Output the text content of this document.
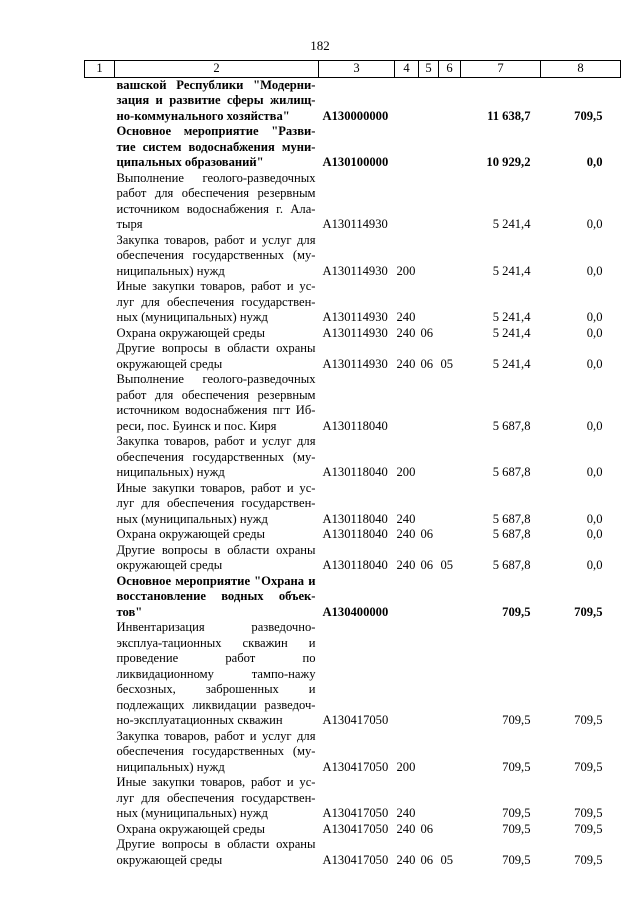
182
1	2	3	4	5	6	7	8
	вашской Республики "Модерни-зация и развитие сферы жилищ-но-коммунального хозяйства"	A130000000				11 638,7	709,5
	Основное мероприятие "Разви-тие систем водоснабжения муни-ципальных образований"	A130100000				10 929,2	0,0
	Выполнение геолого-разведочных работ для обеспечения резервным источником водоснабжения г. Ала-тыря	A130114930				5 241,4	0,0
	Закупка товаров, работ и услуг для обеспечения государственных (му-ниципальных) нужд	A130114930	200			5 241,4	0,0
	Иные закупки товаров, работ и ус-луг для обеспечения государствен-ных (муниципальных) нужд	A130114930	240			5 241,4	0,0
	Охрана окружающей среды	A130114930	240	06		5 241,4	0,0
	Другие вопросы в области охраны окружающей среды	A130114930	240	06	05	5 241,4	0,0
	Выполнение геолого-разведочных работ для обеспечения резервным источником водоснабжения пгт Иб-реси, пос. Буинск и пос. Киря	A130118040				5 687,8	0,0
	Закупка товаров, работ и услуг для обеспечения государственных (му-ниципальных) нужд	A130118040	200			5 687,8	0,0
	Иные закупки товаров, работ и ус-луг для обеспечения государствен-ных (муниципальных) нужд	A130118040	240			5 687,8	0,0
	Охрана окружающей среды	A130118040	240	06		5 687,8	0,0
	Другие вопросы в области охраны окружающей среды	A130118040	240	06	05	5 687,8	0,0
	Основное мероприятие "Охрана и восстановление водных объек-тов"	A130400000				709,5	709,5
	Инвентаризация разведочно-эксплуа-тационных скважин и проведение работ по ликвидационному тампо-нажу бесхозных, заброшенных и подлежащих ликвидации разведоч-но-эксплуатационных скважин	A130417050				709,5	709,5
	Закупка товаров, работ и услуг для обеспечения государственных (му-ниципальных) нужд	A130417050	200			709,5	709,5
	Иные закупки товаров, работ и ус-луг для обеспечения государствен-ных (муниципальных) нужд	A130417050	240			709,5	709,5
	Охрана окружающей среды	A130417050	240	06		709,5	709,5
	Другие вопросы в области охраны окружающей среды	A130417050	240	06	05	709,5	709,5
